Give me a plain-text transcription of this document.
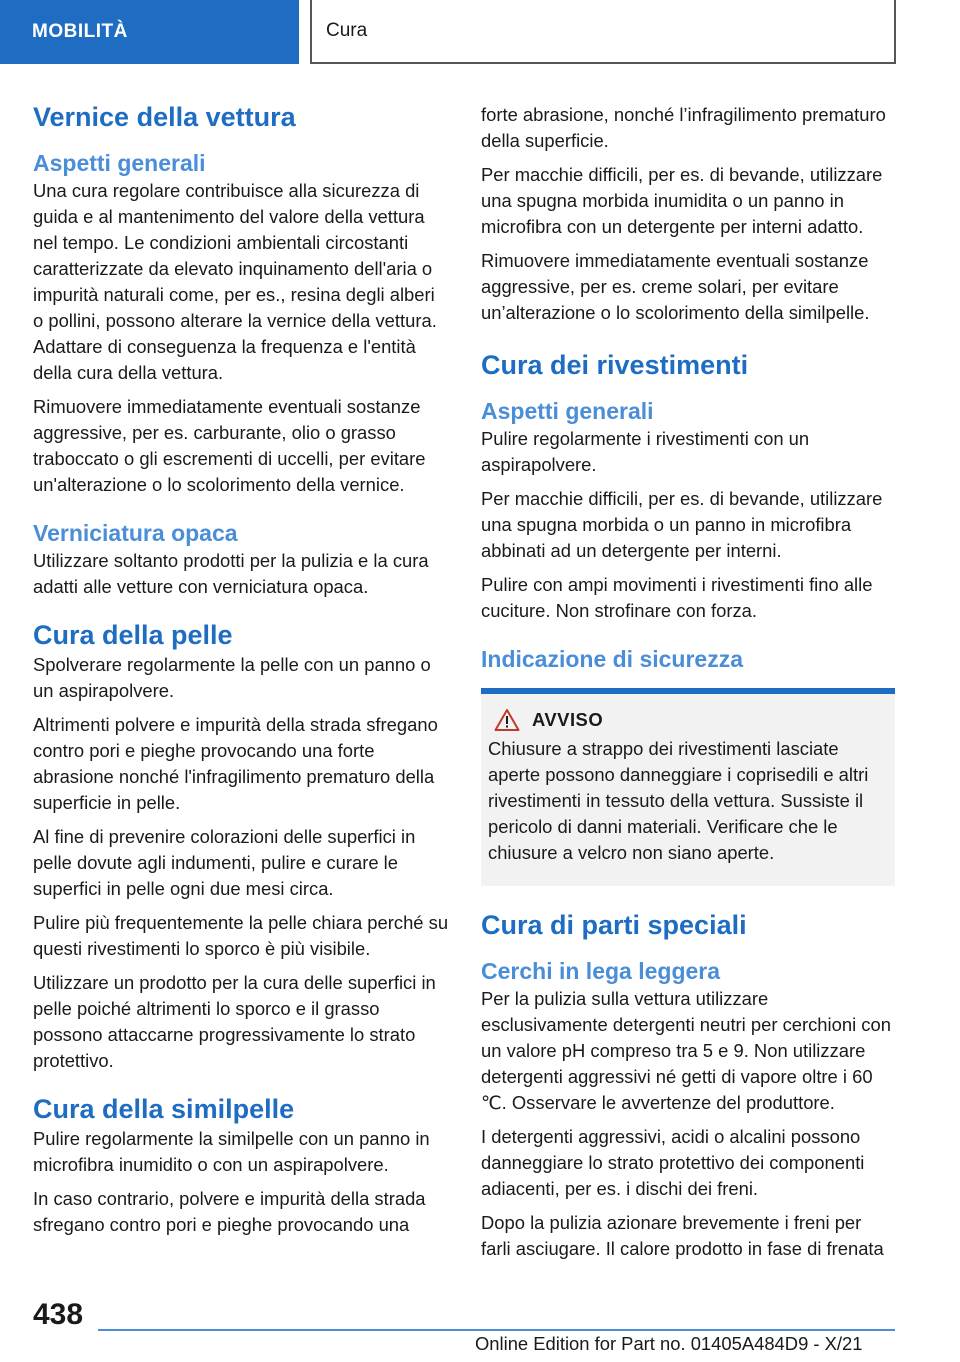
MOBILITÀ	Cura
Vernice della vettura
Aspetti generali

Una cura regolare contribuisce alla sicurezza di guida e al mantenimento del valore della vettura nel tempo. Le condizioni ambientali circostanti caratterizzate da elevato inquinamento dell'aria o impurità naturali come, per es., resina degli alberi o pollini, possono alterare la vernice della vettura. Adattare di conseguenza la frequenza e l'entità della cura della vettura.

Rimuovere immediatamente eventuali sostanze aggressive, per es. carburante, olio o grasso traboccato o gli escrementi di uccelli, per evitare un'alterazione o lo scolorimento della vernice.

Verniciatura opaca

Utilizzare soltanto prodotti per la pulizia e la cura adatti alle vetture con verniciatura opaca.

Cura della pelle

Spolverare regolarmente la pelle con un panno o un aspirapolvere.

Altrimenti polvere e impurità della strada sfregano contro pori e pieghe provocando una forte abrasione nonché l'infragilimento prematuro della superficie in pelle.

Al fine di prevenire colorazioni delle superfici in pelle dovute agli indumenti, pulire e curare le superfici in pelle ogni due mesi circa.

Pulire più frequentemente la pelle chiara perché su questi rivestimenti lo sporco è più visibile.

Utilizzare un prodotto per la cura delle superfici in pelle poiché altrimenti lo sporco e il grasso possono attaccarne progressivamente lo strato protettivo.

Cura della similpelle

Pulire regolarmente la similpelle con un panno in microfibra inumidito o con un aspirapolvere.

In caso contrario, polvere e impurità della strada sfregano contro pori e pieghe provocando una

forte abrasione, nonché l’infragilimento prematuro della superficie.

Per macchie difficili, per es. di bevande, utilizzare una spugna morbida inumidita o un panno in microfibra con un detergente per interni adatto.

Rimuovere immediatamente eventuali sostanze aggressive, per es. creme solari, per evitare un’alterazione o lo scolorimento della similpelle.

Cura dei rivestimenti
Aspetti generali

Pulire regolarmente i rivestimenti con un aspirapolvere.

Per macchie difficili, per es. di bevande, utilizzare una spugna morbida o un panno in microfibra abbinati ad un detergente per interni.

Pulire con ampi movimenti i rivestimenti fino alle cuciture. Non strofinare con forza.

Indicazione di sicurezza
AVVISO

Chiusure a strappo dei rivestimenti lasciate aperte possono danneggiare i coprisedili e altri rivestimenti in tessuto della vettura. Sussiste il pericolo di danni materiali. Verificare che le chiusure a velcro non siano aperte.

Cura di parti speciali
Cerchi in lega leggera

Per la pulizia sulla vettura utilizzare esclusivamente detergenti neutri per cerchioni con un valore pH compreso tra 5 e 9. Non utilizzare detergenti aggressivi né getti di vapore oltre i 60 ℃. Osservare le avvertenze del produttore.

I detergenti aggressivi, acidi o alcalini possono danneggiare lo strato protettivo dei componenti adiacenti, per es. i dischi dei freni.

Dopo la pulizia azionare brevemente i freni per farli asciugare. Il calore prodotto in fase di frenata

438
Online Edition for Part no. 01405A484D9 - X/21
